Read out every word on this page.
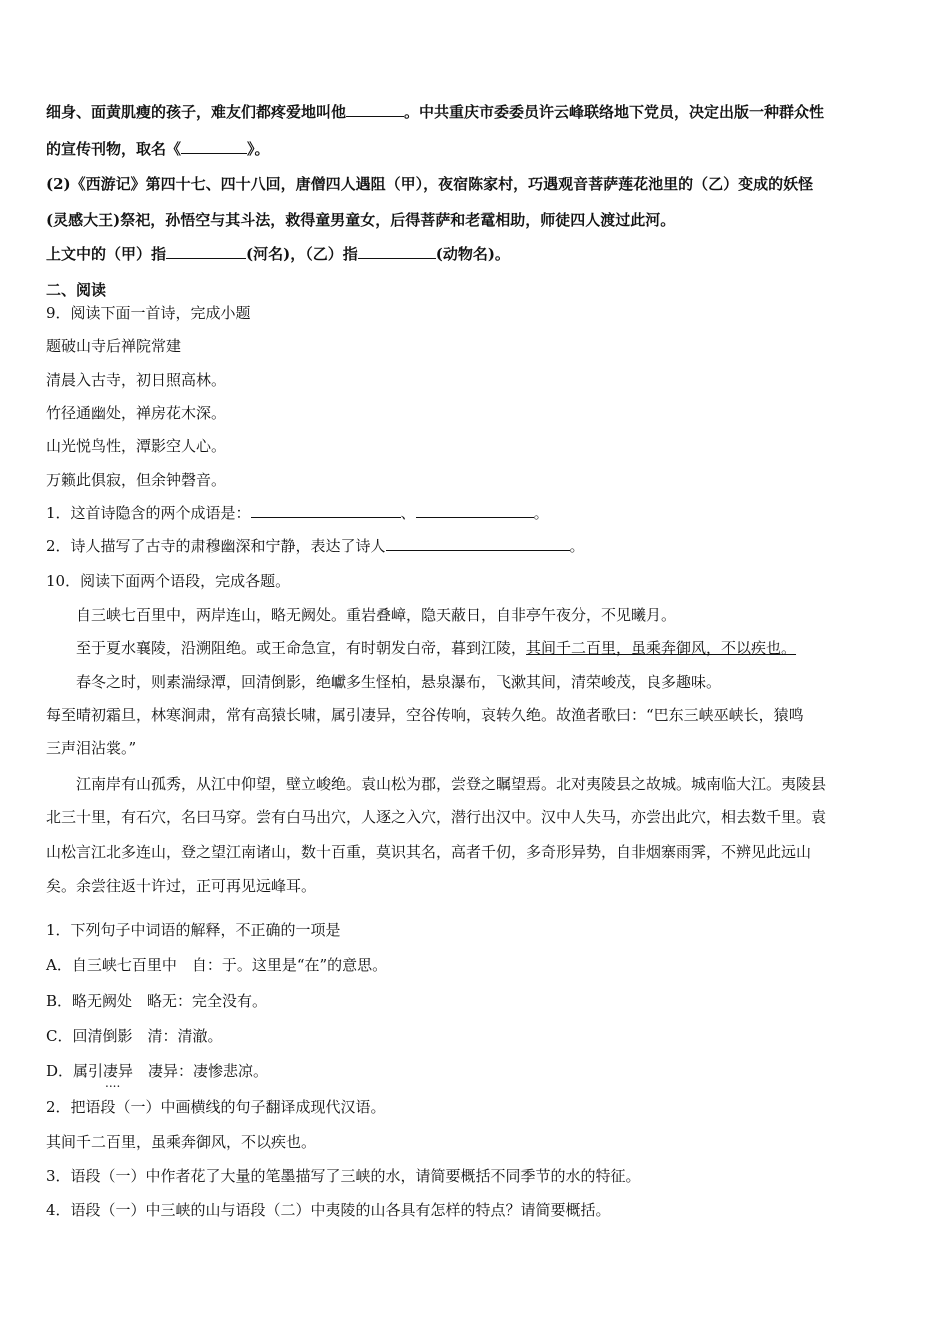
细身、面黄肌瘦的孩子，难友们都疼爱地叫他	。中共重庆市委委员许云峰联络地下党员，决定出版一种群众性
的宣传刊物，取名《	》。
(2)《西游记》第四十七、四十八回，唐僧四人遇阻（甲），夜宿陈家村，巧遇观音菩萨莲花池里的（乙）变成的妖怪
(灵感大王)祭祀，孙悟空与其斗法，救得童男童女，后得菩萨和老鼋相助，师徒四人渡过此河。
上文中的（甲）指	(河名)，（乙）指	(动物名)。
二、阅读
9．阅读下面一首诗，完成小题
题破山寺后禅院常建
清晨入古寺，初日照高林。
竹径通幽处，禅房花木深。
山光悦鸟性，潭影空人心。
万籁此俱寂，但余钟磬音。
1．这首诗隐含的两个成语是：	、	。
2．诗人描写了古寺的肃穆幽深和宁静，表达了诗人	。
10．阅读下面两个语段，完成各题。
自三峡七百里中，两岸连山，略无阙处。重岩叠嶂，隐天蔽日，自非亭午夜分，不见曦月。
至于夏水襄陵，沿溯阻绝。或王命急宣，有时朝发白帝，暮到江陵，其间千二百里，虽乘奔御风，不以疾也。
春冬之时，则素湍绿潭，回清倒影，绝巘多生怪柏，悬泉瀑布，飞漱其间，清荣峻茂，良多趣味。
每至晴初霜旦，林寒涧肃，常有高猿长啸，属引凄异，空谷传响，哀转久绝。故渔者歌曰：“巴东三峡巫峡长，猿鸣
三声泪沾裳。”
江南岸有山孤秀，从江中仰望，壁立峻绝。袁山松为郡，尝登之瞩望焉。北对夷陵县之故城。城南临大江。夷陵县
北三十里，有石穴，名曰马穿。尝有白马出穴，人逐之入穴，潜行出汉中。汉中人失马，亦尝出此穴，相去数千里。袁
山松言江北多连山，登之望江南诸山，数十百重，莫识其名，高者千仞，多奇形异势，自非烟寨雨霁，不辨见此远山
矣。余尝往返十许过，正可再见远峰耳。
1．下列句子中词语的解释，不正确的一项是
A．自三峡七百里中　自：于。这里是“在”的意思。
B．略无阙处　略无：完全没有。
C．回清倒影　清：清澈。
D．属引凄异 ....　凄异：凄惨悲凉。
2．把语段（一）中画横线的句子翻译成现代汉语。
其间千二百里，虽乘奔御风，不以疾也。
3．语段（一）中作者花了大量的笔墨描写了三峡的水，请简要概括不同季节的水的特征。
4．语段（一）中三峡的山与语段（二）中夷陵的山各具有怎样的特点？请简要概括。
